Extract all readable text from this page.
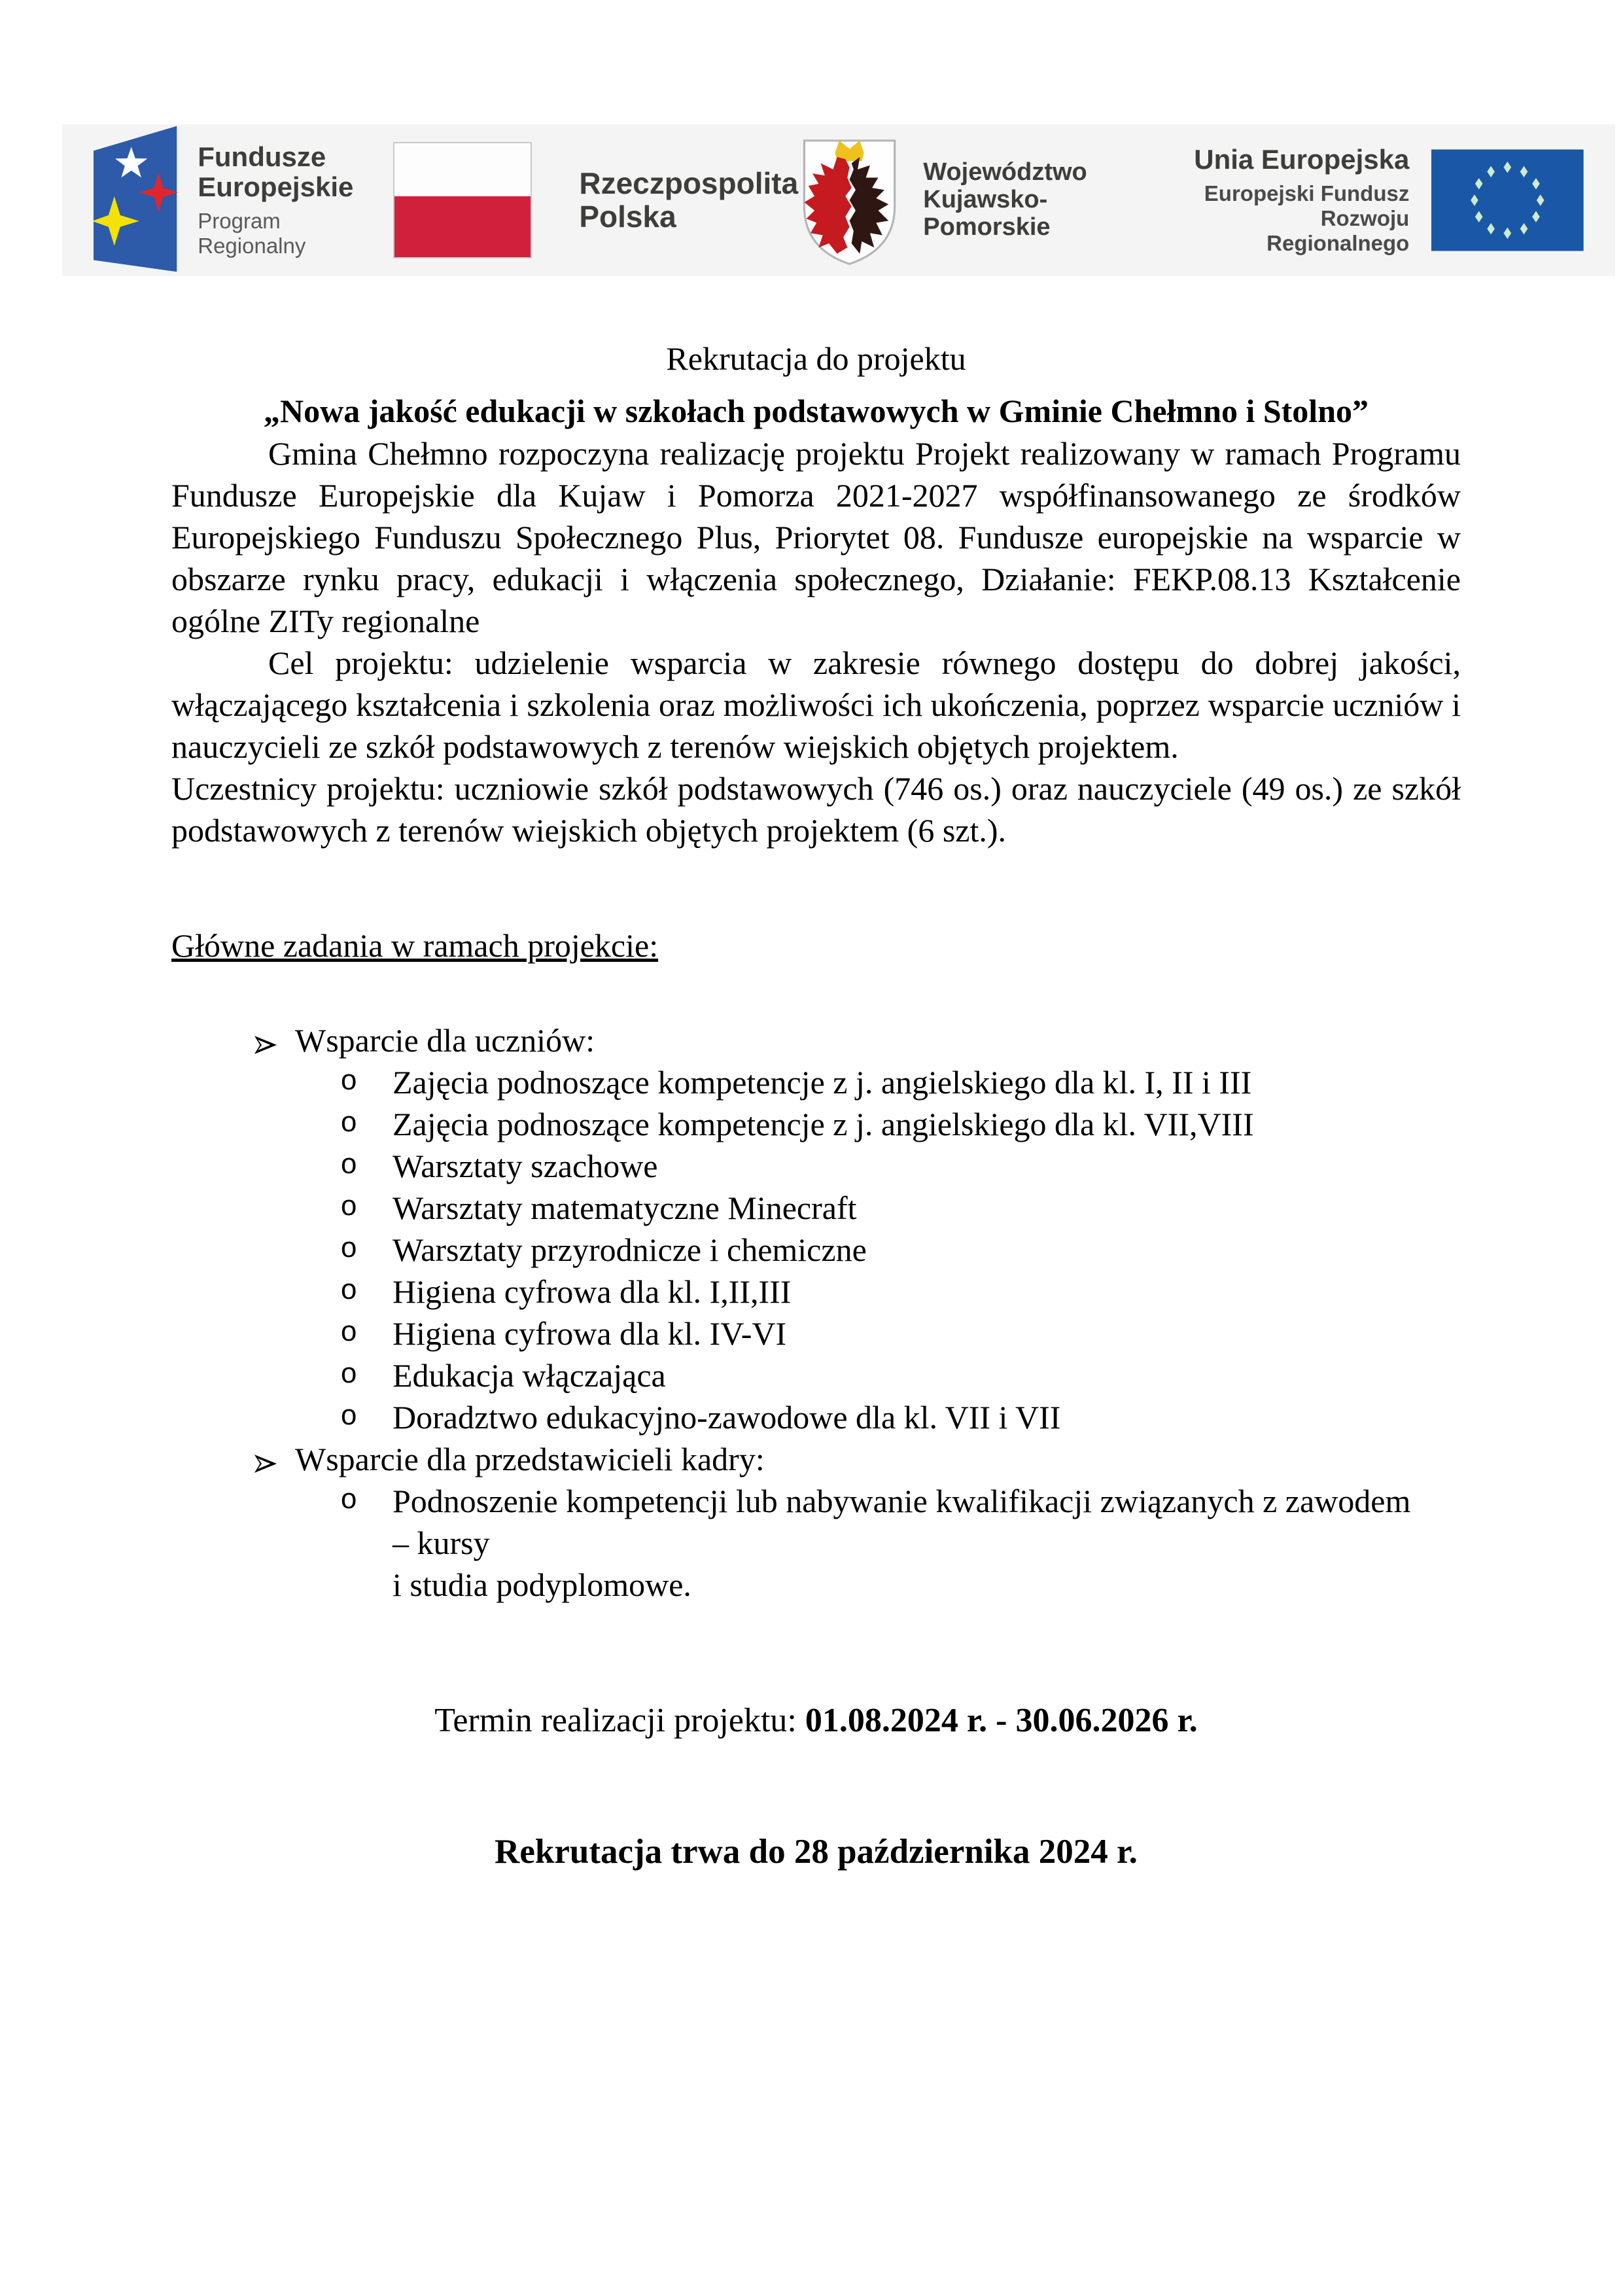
Fundusze
Europejskie
Program Regionalny
Rzeczpospolita
Polska
Województwo
Kujawsko-Pomorskie
Unia Europejska
Europejski Fundusz
Rozwoju Regionalnego
Rekrutacja do projektu
„Nowa jakość edukacji w szkołach podstawowych w Gminie Chełmno i Stolno”

Gmina Chełmno rozpoczyna realizację projektu Projekt realizowany w ramach Programu Fundusze Europejskie dla Kujaw i Pomorza 2021-2027 współfinansowanego ze środków Europejskiego Funduszu Społecznego Plus, Priorytet 08. Fundusze europejskie na wsparcie w obszarze rynku pracy, edukacji i włączenia społecznego, Działanie: FEKP.08.13 Kształcenie ogólne ZITy regionalne

Cel projektu: udzielenie wsparcia w zakresie równego dostępu do dobrej jakości, włączającego kształcenia i szkolenia oraz możliwości ich ukończenia, poprzez wsparcie uczniów i nauczycieli ze szkół podstawowych z terenów wiejskich objętych projektem.

Uczestnicy projektu: uczniowie szkół podstawowych (746 os.) oraz nauczyciele (49 os.) ze szkół podstawowych z terenów wiejskich objętych projektem (6 szt.).

Główne zadania w ramach projekcie:
Wsparcie dla uczniów:
o	Zajęcia podnoszące kompetencje z j. angielskiego dla kl. I, II i III
o	Zajęcia podnoszące kompetencje z j. angielskiego dla kl. VII,VIII
o	Warsztaty szachowe
o	Warsztaty matematyczne Minecraft
o	Warsztaty przyrodnicze i chemiczne
o	Higiena cyfrowa dla kl. I,II,III
o	Higiena cyfrowa dla kl. IV-VI
o	Edukacja włączająca
o	Doradztwo edukacyjno-zawodowe dla kl. VII i VII
Wsparcie dla przedstawicieli kadry:
o	Podnoszenie kompetencji lub nabywanie kwalifikacji związanych z zawodem
– kursy
i studia podyplomowe.
Termin realizacji projektu: 01.08.2024 r. - 30.06.2026 r.
Rekrutacja trwa do 28 października 2024 r.
